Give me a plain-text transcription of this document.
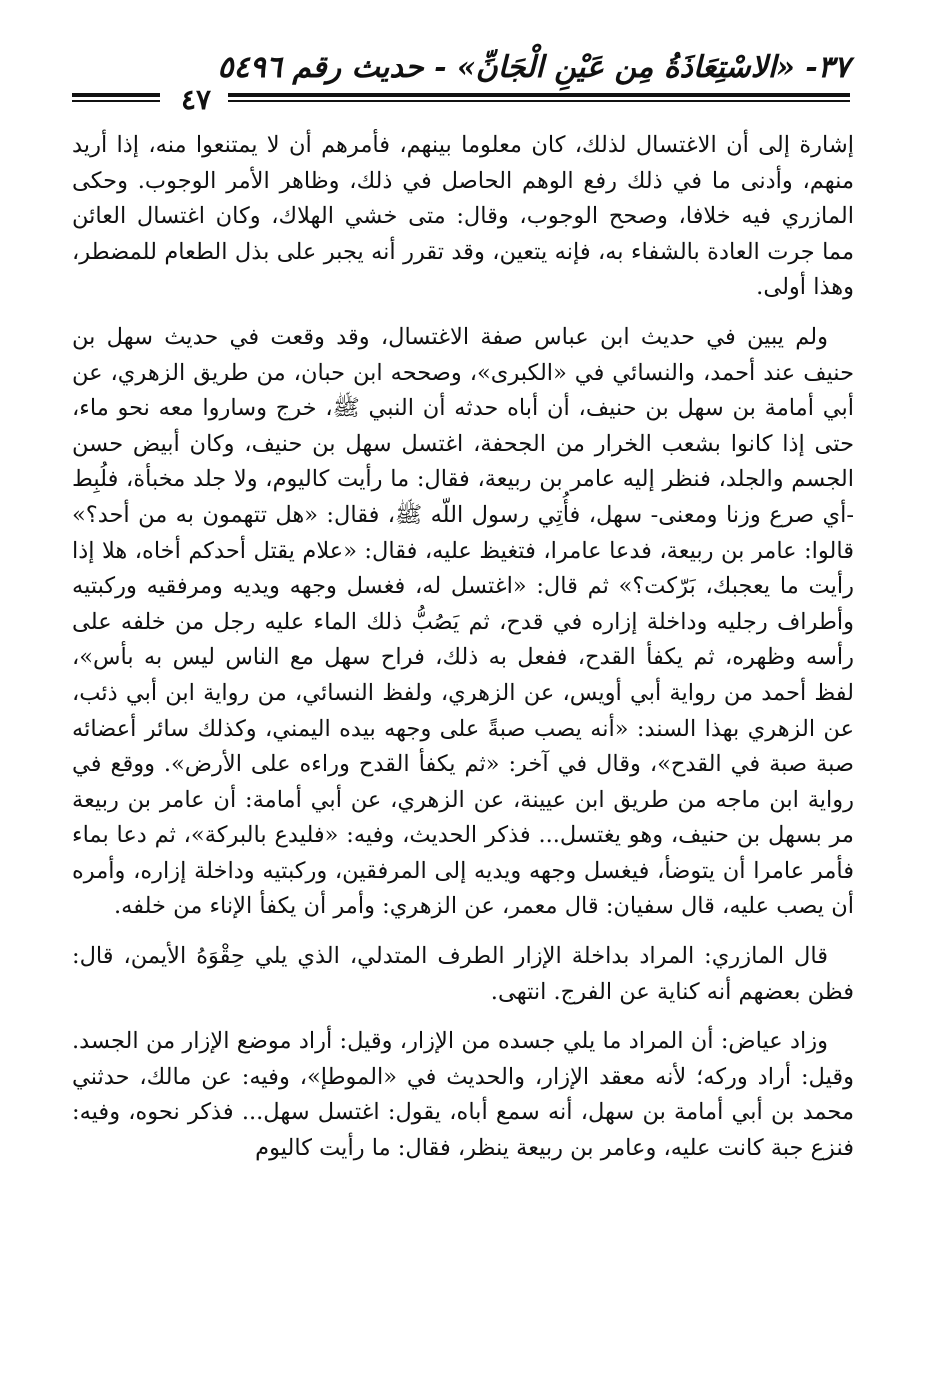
٣٧- «الاسْتِعَاذَةُ مِن عَيْنِ الْجَانِّ» - حديث رقم ٥٤٩٦
٤٧

إشارة إلى أن الاغتسال لذلك، كان معلوما بينهم، فأمرهم أن لا يمتنعوا منه، إذا أريد منهم، وأدنى ما في ذلك رفع الوهم الحاصل في ذلك، وظاهر الأمر الوجوب. وحكى المازري فيه خلافا، وصحح الوجوب، وقال: متى خشي الهلاك، وكان اغتسال العائن مما جرت العادة بالشفاء به، فإنه يتعين، وقد تقرر أنه يجبر على بذل الطعام للمضطر، وهذا أولى.

ولم يبين في حديث ابن عباس صفة الاغتسال، وقد وقعت في حديث سهل بن حنيف عند أحمد، والنسائي في «الكبرى»، وصححه ابن حبان، من طريق الزهري، عن أبي أمامة بن سهل بن حنيف، أن أباه حدثه أن النبي ﷺ، خرج وساروا معه نحو ماء، حتى إذا كانوا بشعب الخرار من الجحفة، اغتسل سهل بن حنيف، وكان أبيض حسن الجسم والجلد، فنظر إليه عامر بن ربيعة، فقال: ما رأيت كاليوم، ولا جلد مخبأة، فلُبِط -أي صرع وزنا ومعنى- سهل، فأُتِي رسول اللّه ﷺ، فقال: «هل تتهمون به من أحد؟» قالوا: عامر بن ربيعة، فدعا عامرا، فتغيظ عليه، فقال: «علام يقتل أحدكم أخاه، هلا إذا رأيت ما يعجبك، بَرّكت؟» ثم قال: «اغتسل له، فغسل وجهه ويديه ومرفقيه وركبتيه وأطراف رجليه وداخلة إزاره في قدح، ثم يَصُبُّ ذلك الماء عليه رجل من خلفه على رأسه وظهره، ثم يكفأ القدح، ففعل به ذلك، فراح سهل مع الناس ليس به بأس»، لفظ أحمد من رواية أبي أويس، عن الزهري، ولفظ النسائي، من رواية ابن أبي ذئب، عن الزهري بهذا السند: «أنه يصب صبةً على وجهه بيده اليمني، وكذلك سائر أعضائه صبة صبة في القدح»، وقال في آخر: «ثم يكفأ القدح وراءه على الأرض». ووقع في رواية ابن ماجه من طريق ابن عيينة، عن الزهري، عن أبي أمامة: أن عامر بن ربيعة مر بسهل بن حنيف، وهو يغتسل... فذكر الحديث، وفيه: «فليدع بالبركة»، ثم دعا بماء فأمر عامرا أن يتوضأ، فيغسل وجهه ويديه إلى المرفقين، وركبتيه وداخلة إزاره، وأمره أن يصب عليه، قال سفيان: قال معمر، عن الزهري: وأمر أن يكفأ الإناء من خلفه.

قال المازري: المراد بداخلة الإزار الطرف المتدلي، الذي يلي حِقْوَهُ الأيمن، قال: فظن بعضهم أنه كناية عن الفرج. انتهى.

وزاد عياض: أن المراد ما يلي جسده من الإزار، وقيل: أراد موضع الإزار من الجسد. وقيل: أراد وركه؛ لأنه معقد الإزار، والحديث في «الموطإ»، وفيه: عن مالك، حدثني محمد بن أبي أمامة بن سهل، أنه سمع أباه، يقول: اغتسل سهل... فذكر نحوه، وفيه: فنزع جبة كانت عليه، وعامر بن ربيعة ينظر، فقال: ما رأيت كاليوم
